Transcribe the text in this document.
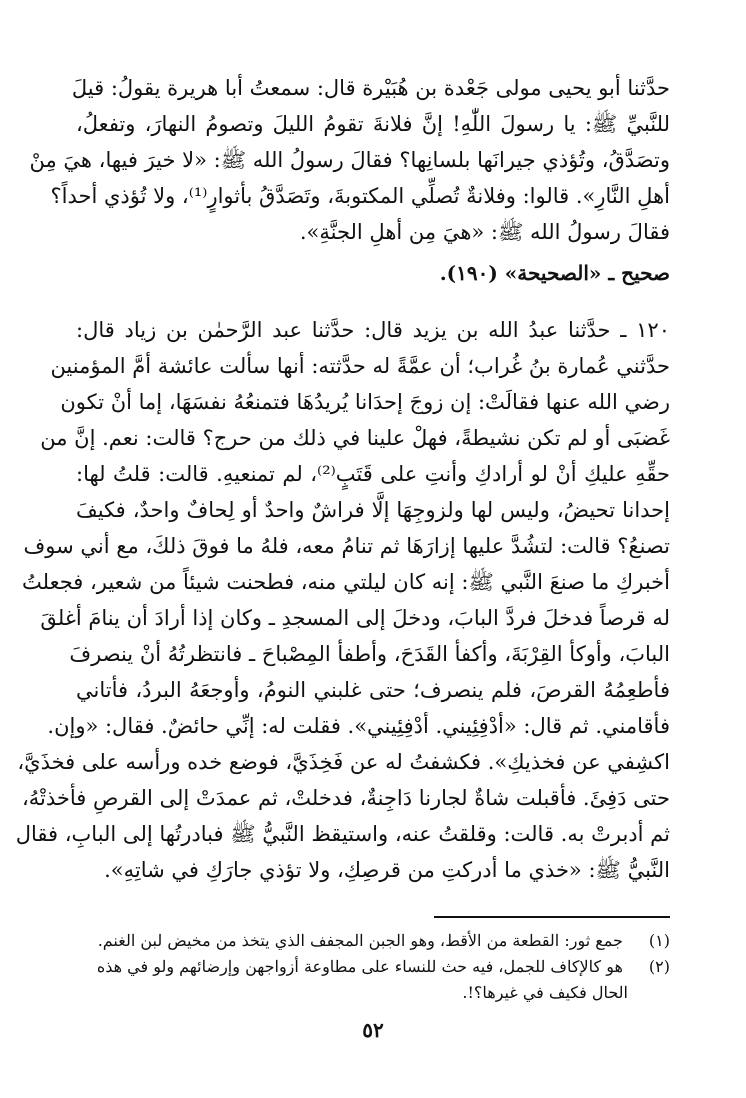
حدَّثنا أبو يحيى مولى جَعْدة بن هُبَيْرة قال: سمعتُ أبا هريرة يقولُ: قيلَ
للنَّبيِّ ﷺ: يا رسولَ اللّٰهِ! إنَّ فلانةَ تقومُ الليلَ وتصومُ النهارَ، وتفعلُ،
وتصَدَّقُ، وتُؤذي جيرانَها بلسانِها؟ فقالَ رسولُ الله ﷺ: «لا خيرَ فيها، هيَ مِنْ
أهلِ النَّارِ». قالوا: وفلانةٌ تُصلِّي المكتوبةَ، وتَصَدَّقُ بأثوارٍ⁽¹⁾، ولا تُؤذي أحداً؟
فقالَ رسولُ الله ﷺ: «هيَ مِن أهلِ الجنَّةِ».
صحيح ـ «الصحيحة» (١٩٠).
١٢٠ ـ حدَّثنا عبدُ الله بن يزيد قال: حدَّثنا عبد الرَّحمٰن بن زياد قال:
حدَّثني عُمارة بنُ غُراب؛ أن عمَّةً له حدَّثته: أنها سألت عائشة أمَّ المؤمنين
رضي الله عنها فقالَتْ: إن زوجَ إحدَانا يُريدُهَا فتمنعُهُ نفسَهَا، إما أنْ تكون
غَضبَى أو لم تكن نشيطةً، فهلْ علينا في ذلك من حرج؟ قالت: نعم. إنَّ من
حقِّهِ عليكِ أنْ لو أرادكِ وأنتِ على قَتَبٍ⁽²⁾، لم تمنعيهِ. قالت: قلتُ لها:
إحدانا تحيضُ، وليس لها ولزوجِهَا إلَّا فراشٌ واحدٌ أو لِحافٌ واحدٌ، فكيفَ
تصنعُ؟ قالت: لتشُدَّ عليها إزارَهَا ثم تنامُ معه، فلهُ ما فوقَ ذلكَ، مع أني سوف
أخبركِ ما صنعَ النَّبي ﷺ: إنه كان ليلتي منه، فطحنت شيئاً من شعير، فجعلتُ
له قرصاً فدخلَ فردَّ البابَ، ودخلَ إلى المسجدِ ـ وكان إذا أرادَ أن ينامَ أغلقَ
البابَ، وأوكأ القِرْبَةَ، وأكفأ القَدَحَ، وأطفأ المِصْباحَ ـ فانتظرتُهُ أنْ ينصرفَ
فأطعِمُهُ القرصَ، فلم ينصرف؛ حتى غلبني النومُ، وأوجعَهُ البردُ، فأتاني
فأقامني. ثم قال: «أدْفِئِيني. أدْفِئِيني». فقلت له: إنِّي حائضٌ. فقال: «وإن.
اكشِفي عن فخذيكِ». فكشفتُ له عن فَخِذَيَّ، فوضع خده ورأسه على فخذَيَّ،
حتى دَفِئَ. فأقبلت شاةٌ لجارنا دَاجِنةٌ، فدخلتْ، ثم عمدَتْ إلى القرصِ فأخذتْهُ،
ثم أدبرتْ به. قالت: وقلقتُ عنه، واستيقظ النَّبيُّ ﷺ فبادرتُها إلى البابِ، فقال
النَّبيُّ ﷺ: «خذي ما أدركتِ من قرصِكِ، ولا تؤذي جارَكِ في شاتِهِ».
(١) جمع ثور: القطعة من الأقط، وهو الجبن المجفف الذي يتخذ من مخيض لبن الغنم.
(٢) هو كالإكاف للجمل، فيه حث للنساء على مطاوعة أزواجهن وإرضائهم ولو في هذه
الحال فكيف في غيرها؟!.
٥٢
